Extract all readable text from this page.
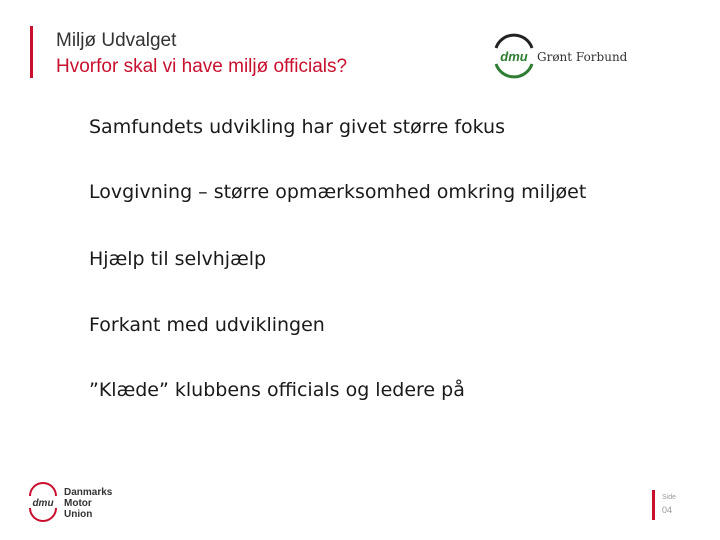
Miljø Udvalget
Hvorfor skal vi have miljø officials?	dmu Grønt Forbund
Samfundets udvikling har givet større fokus
Lovgivning – større opmærksomhed omkring miljøet
Hjælp til selvhjælp
Forkant med udviklingen
”Klæde” klubbens officials og ledere på
dmu
Danmarks
Motor
Union
Side
04
